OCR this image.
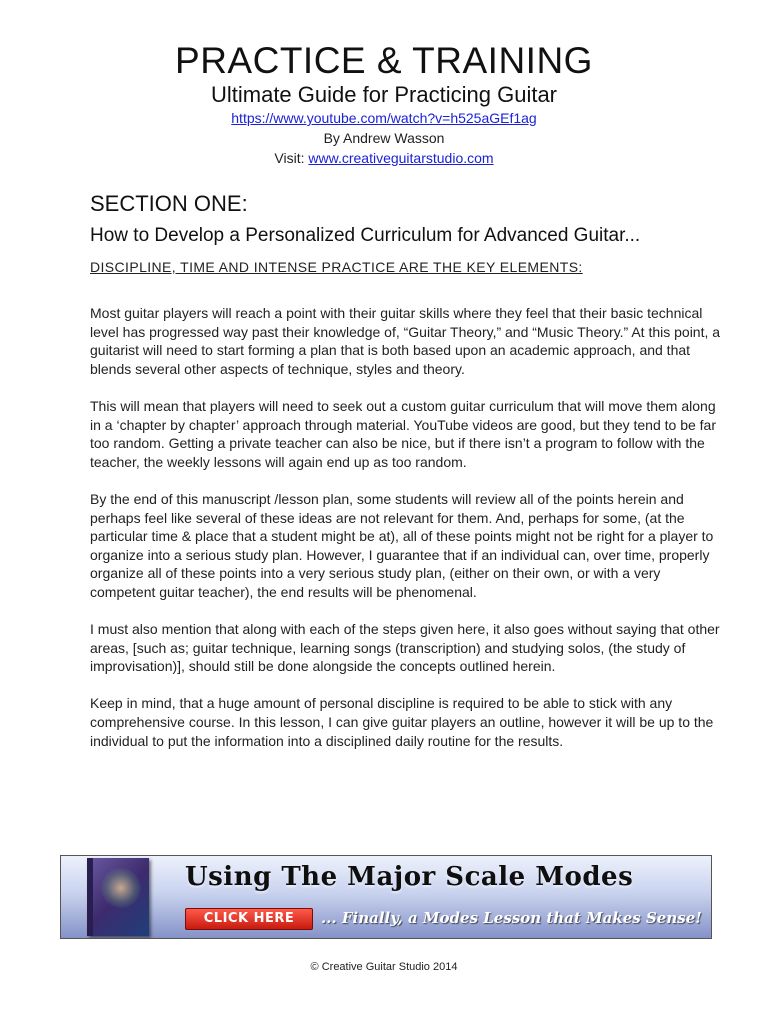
PRACTICE & TRAINING
Ultimate Guide for Practicing Guitar
https://www.youtube.com/watch?v=h525aGEf1ag
By Andrew Wasson
Visit: www.creativeguitarstudio.com
SECTION ONE:
How to Develop a Personalized Curriculum for Advanced Guitar...
DISCIPLINE, TIME AND INTENSE PRACTICE ARE THE KEY ELEMENTS:

Most guitar players will reach a point with their guitar skills where they feel that their basic technical level has progressed way past their knowledge of, “Guitar Theory,” and “Music Theory.” At this point, a guitarist will need to start forming a plan that is both based upon an academic approach, and that blends several other aspects of technique, styles and theory.

This will mean that players will need to seek out a custom guitar curriculum that will move them along in a ‘chapter by chapter’ approach through material. YouTube videos are good, but they tend to be far too random. Getting a private teacher can also be nice, but if there isn’t a program to follow with the teacher, the weekly lessons will again end up as too random.

By the end of this manuscript /lesson plan, some students will review all of the points herein and perhaps feel like several of these ideas are not relevant for them. And, perhaps for some, (at the particular time & place that a student might be at), all of these points might not be right for a player to organize into a serious study plan. However, I guarantee that if an individual can, over time, properly organize all of these points into a very serious study plan, (either on their own, or with a very competent guitar teacher), the end results will be phenomenal.

I must also mention that along with each of the steps given here, it also goes without saying that other areas, [such as; guitar technique, learning songs (transcription) and studying solos, (the study of improvisation)], should still be done alongside the concepts outlined herein.

Keep in mind, that a huge amount of personal discipline is required to be able to stick with any comprehensive course. In this lesson, I can give guitar players an outline, however it will be up to the individual to put the information into a disciplined daily routine for the results.

Using The Major Scale Modes
CLICK HERE	... Finally, a Modes Lesson that Makes Sense!
© Creative Guitar Studio 2014
